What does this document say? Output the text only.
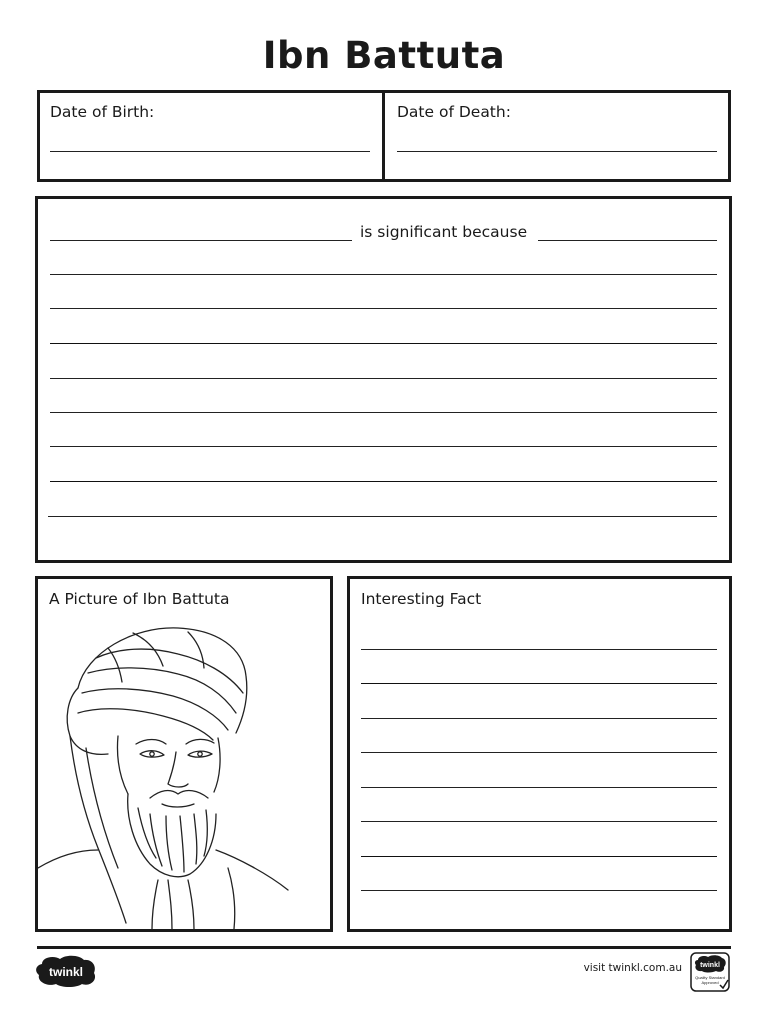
Ibn Battuta
Date of Birth:	Date of Death:
is significant because
A Picture of Ibn Battuta	Interesting Fact
twinkl	visit twinkl.com.au	twinkl
Quality Standard
Approved
